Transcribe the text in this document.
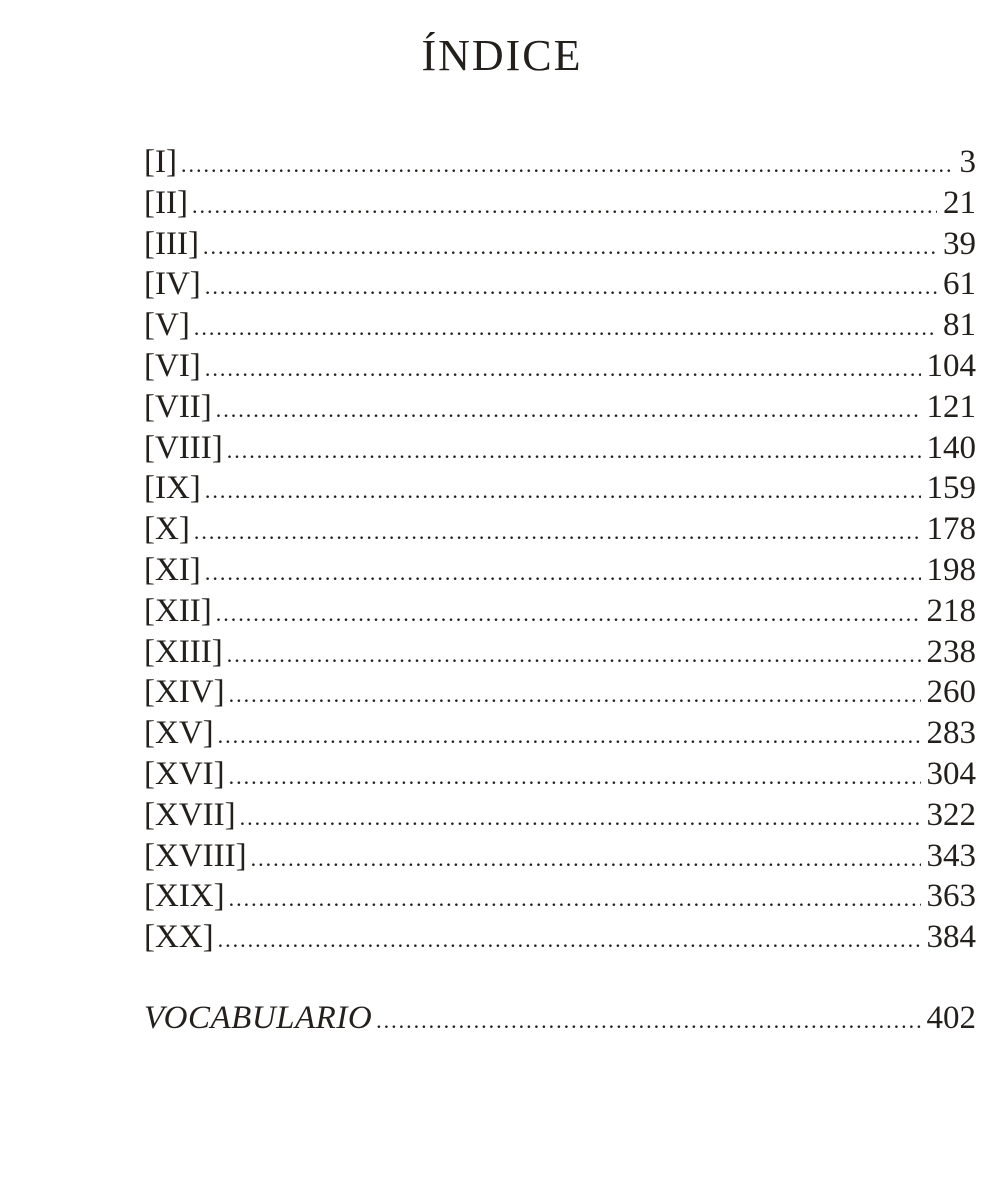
ÍNDICE
[I] .....	3
[II] .....	21
[III] .....	39
[IV] .....	61
[V] .....	81
[VI] .....	104
[VII] .....	121
[VIII] .....	140
[IX] .....	159
[X] .....	178
[XI] .....	198
[XII] .....	218
[XIII] .....	238
[XIV] .....	260
[XV] .....	283
[XVI] .....	304
[XVII] .....	322
[XVIII] .....	343
[XIX] .....	363
[XX] .....	384
VOCABULARIO .....	402
